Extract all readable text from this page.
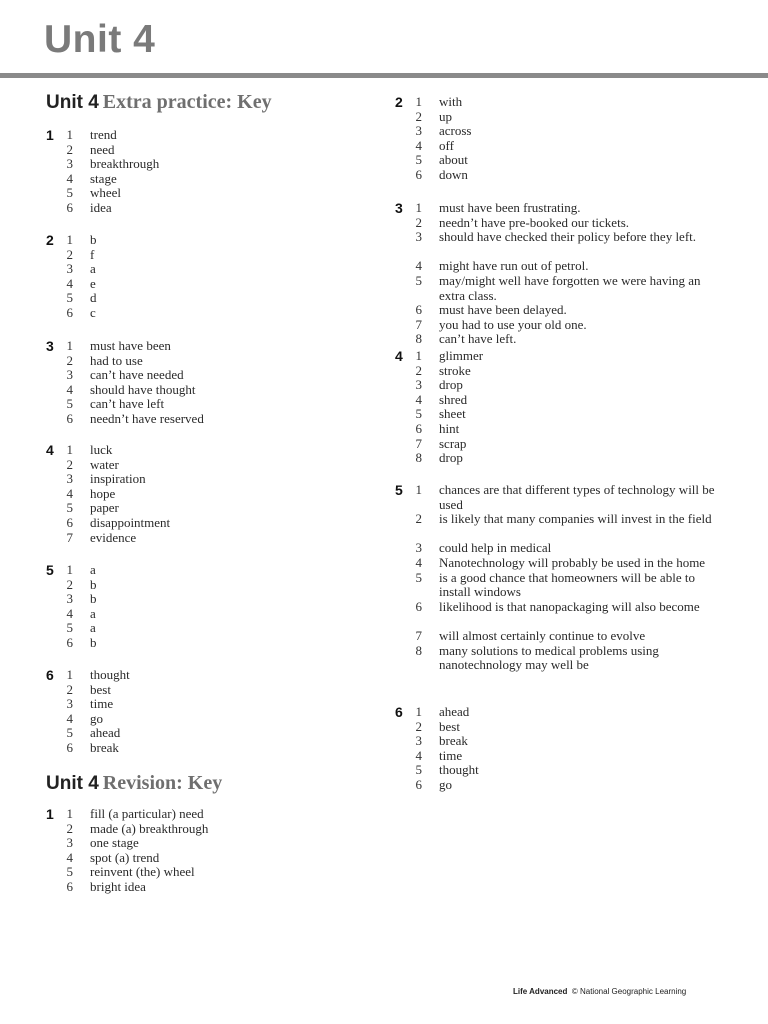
Unit 4
Unit 4 Extra practice: Key
Unit 4 Revision: Key
1 1 trend
2 need
3 breakthrough
4 stage
5 wheel
6 idea
2 1 b
2 f
3 a
4 e
5 d
6 c
3 1 must have been
2 had to use
3 can’t have needed
4 should have thought
5 can’t have left
6 needn’t have reserved
4 1 luck
2 water
3 inspiration
4 hope
5 paper
6 disappointment
7 evidence
5 1 a
2 b
3 b
4 a
5 a
6 b
6 1 thought
2 best
3 time
4 go
5 ahead
6 break
1 1 fill (a particular) need
2 made (a) breakthrough
3 one stage
4 spot (a) trend
5 reinvent (the) wheel
6 bright idea
2 1 with
2 up
3 across
4 off
5 about
6 down
3 1 must have been frustrating.
2 needn’t have pre-booked our tickets.
3 should have checked their policy before they left.
4 might have run out of petrol.
5 may/might well have forgotten we were having an extra class.
6 must have been delayed.
7 you had to use your old one.
8 can’t have left.
4 1 glimmer
2 stroke
3 drop
4 shred
5 sheet
6 hint
7 scrap
8 drop
5 1 chances are that different types of technology will be used
2 is likely that many companies will invest in the field
3 could help in medical
4 Nanotechnology will probably be used in the home
5 is a good chance that homeowners will be able to install windows
6 likelihood is that nanopackaging will also become
7 will almost certainly continue to evolve
8 many solutions to medical problems using nanotechnology may well be
6 1 ahead
2 best
3 break
4 time
5 thought
6 go
Life Advanced © National Geographic Learning
